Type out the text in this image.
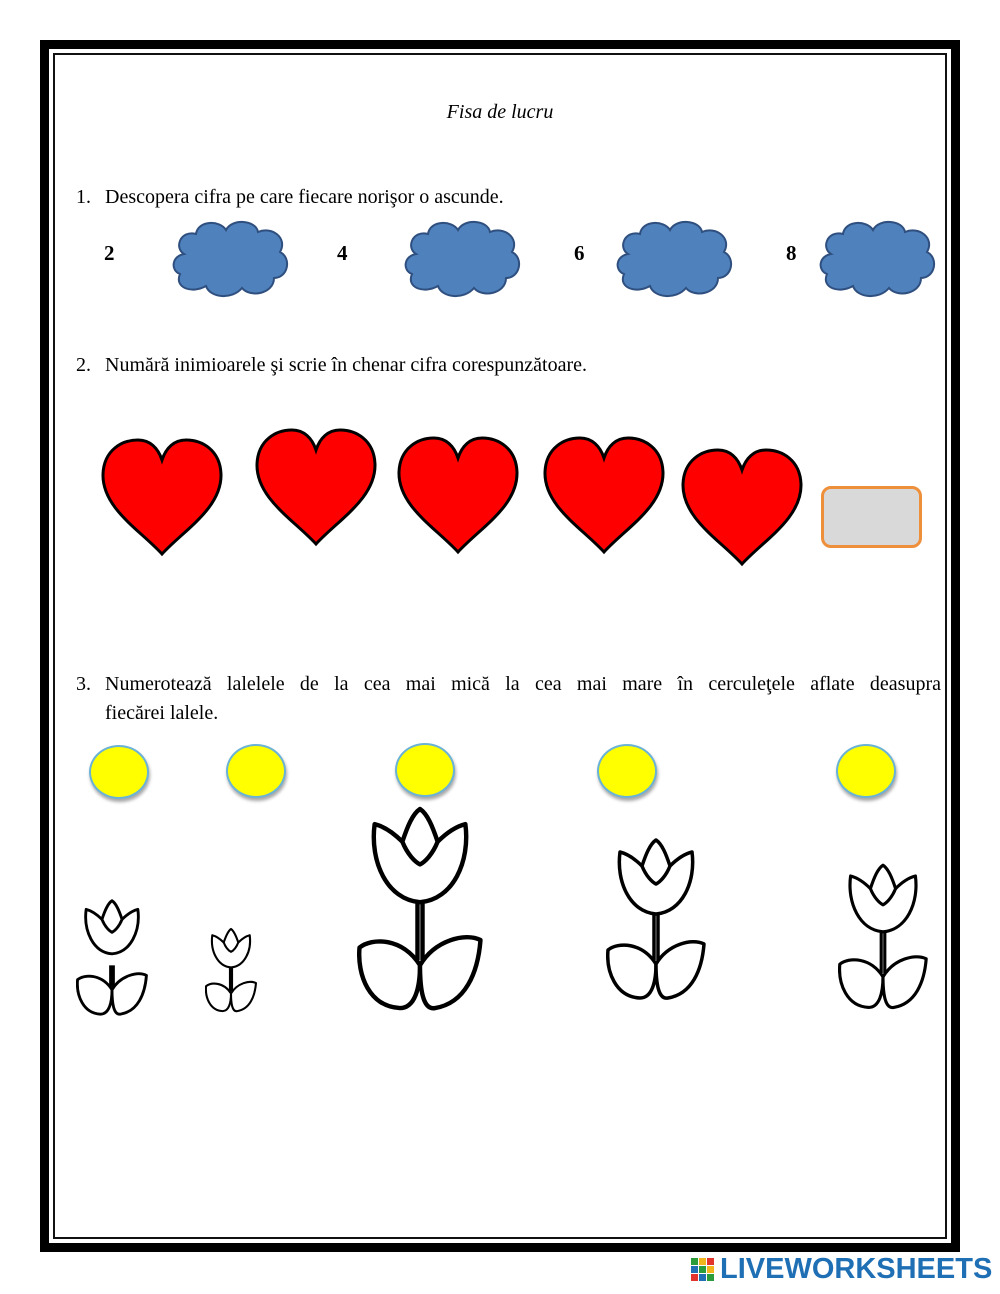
Fisa de lucru
1. Descopera cifra pe care fiecare norişor o ascunde.
2	4	6	8
2. Numără inimioarele şi scrie în chenar cifra corespunzătoare.
3. Numerotează lalelele de la cea mai mică la cea mai mare în cerculeţele aflate deasupra
fiecărei lalele.
LIVEWORKSHEETS
